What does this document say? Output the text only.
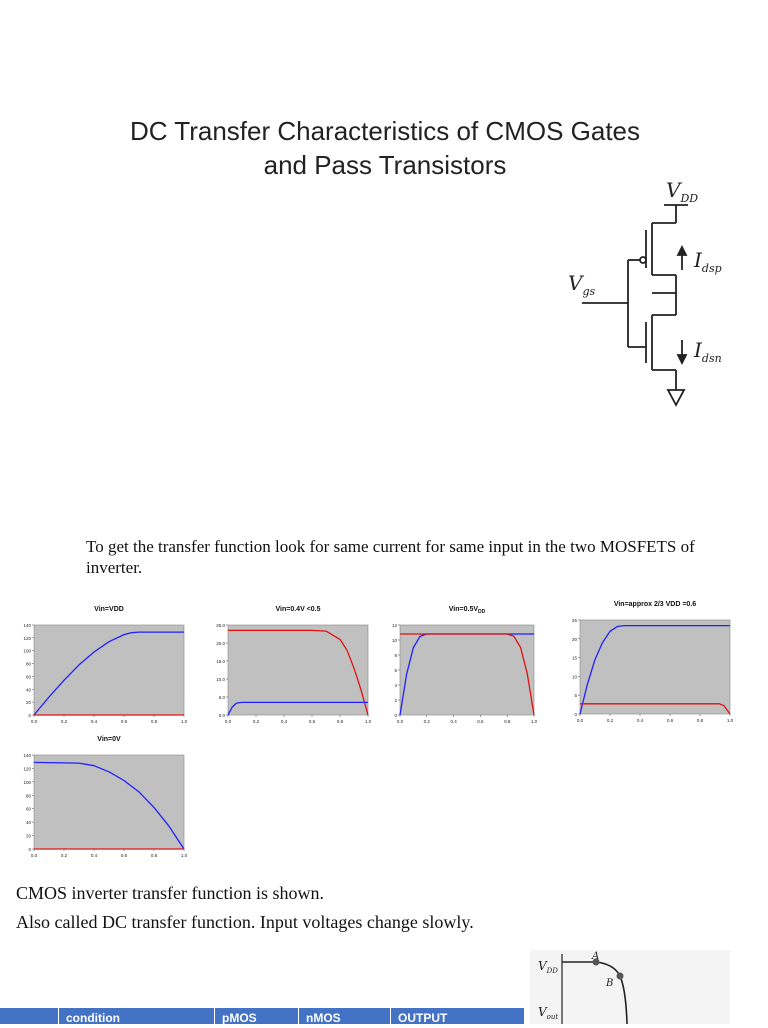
DC Transfer Characteristics of CMOS Gates
and Pass Transistors
$V_{DD}$
$V_{gs}$
$I_{dsp}$
$I_{dsn}$
To get the transfer function look for same current for same input in the two MOSFETS of inverter.
Vin=VDD
0
20
40
60
80
100
120
140
0.0	0.2	0.4	0.6	0.8	1.0
Vin=0.4V <0.5
0.0
5.0
10.0
15.0
20.0
25.0
0.0	0.2	0.4	0.6	0.8	1.0
$Vin=0.5V_{DD}$
0
2
4
6
8
10
12
0.0	0.2	0.4	0.6	0.8	1.0
Vin=approx 2/3 VDD =0.6
0
5
10
15
20
25
0.0	0.2	0.4	0.6	0.8	1.0
Vin=0V
0
20
40
60
80
100
120
140
0.0	0.2	0.4	0.6	0.8	1.0
CMOS inverter transfer function is shown.
Also called DC transfer function. Input voltages change slowly.
condition	pMOS	nMOS	OUTPUT
$V_{DD}$
$V_{out}$
A
B
